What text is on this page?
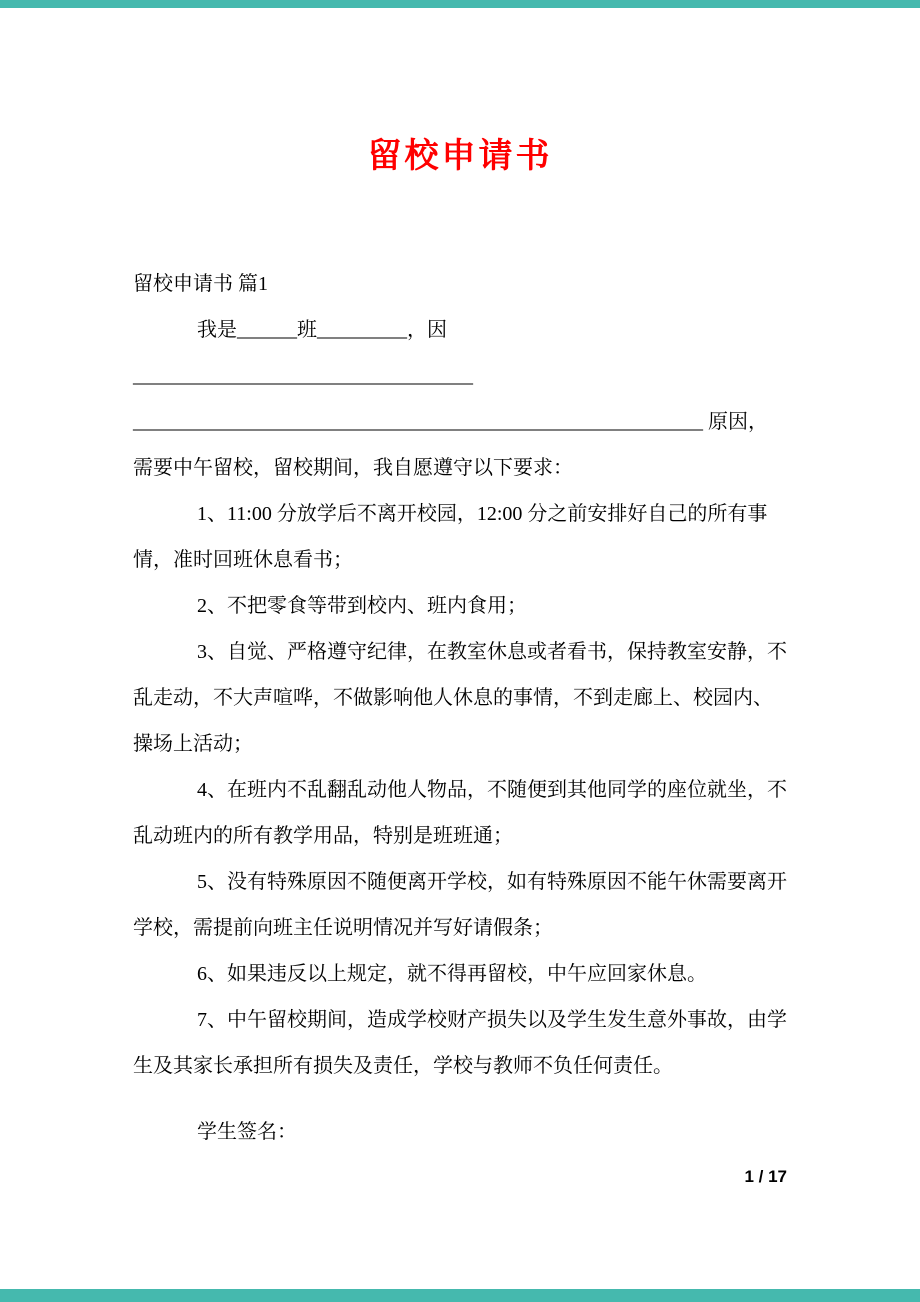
留校申请书

留校申请书 篇1

我是______班_________，因

__________________________________

_________________________________________________________ 原因，

需要中午留校，留校期间，我自愿遵守以下要求：

1、11:00 分放学后不离开校园，12:00 分之前安排好自己的所有事情，准时回班休息看书；

2、不把零食等带到校内、班内食用；

3、自觉、严格遵守纪律，在教室休息或者看书，保持教室安静，不乱走动，不大声喧哗，不做影响他人休息的事情，不到走廊上、校园内、操场上活动；

4、在班内不乱翻乱动他人物品，不随便到其他同学的座位就坐，不乱动班内的所有教学用品，特别是班班通；

5、没有特殊原因不随便离开学校，如有特殊原因不能午休需要离开学校，需提前向班主任说明情况并写好请假条；

6、如果违反以上规定，就不得再留校，中午应回家休息。

7、中午留校期间，造成学校财产损失以及学生发生意外事故，由学生及其家长承担所有损失及责任，学校与教师不负任何责任。

学生签名：

1 / 17
